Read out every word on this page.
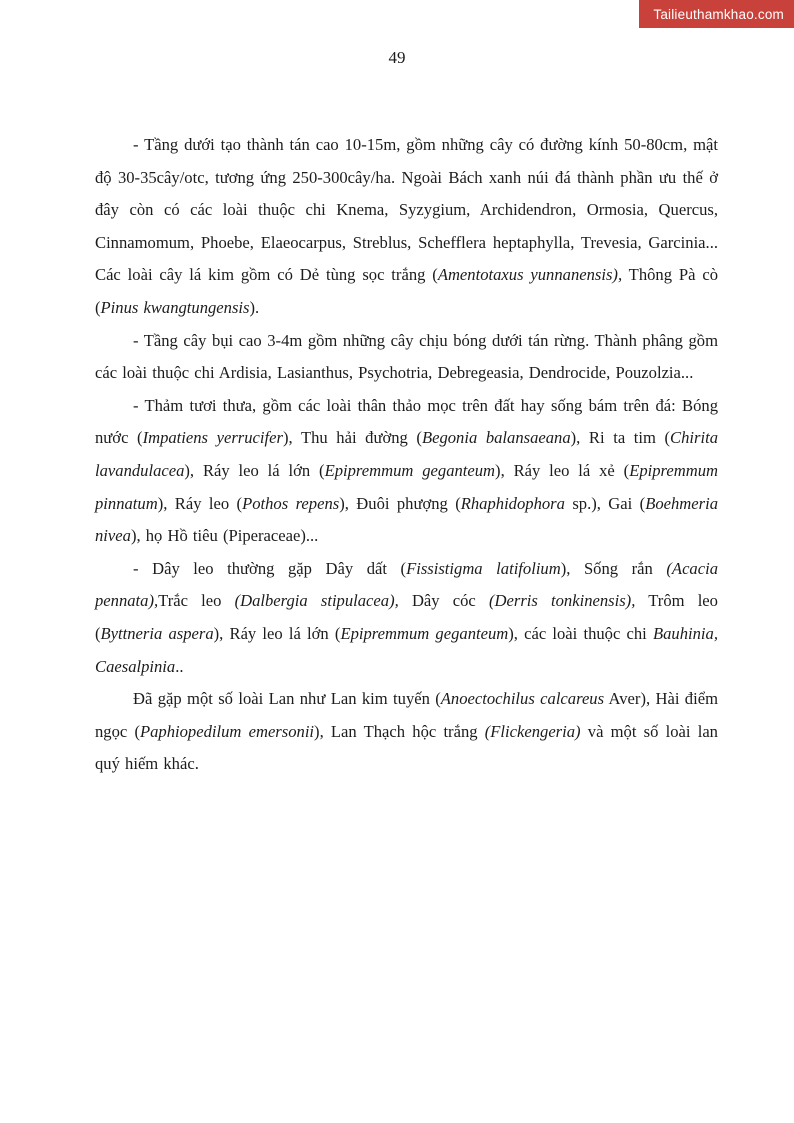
Tailieuthamkhao.com
49

- Tầng dưới tạo thành tán cao 10-15m, gồm những cây có đường kính 50-80cm, mật độ 30-35cây/otc, tương ứng 250-300cây/ha. Ngoài Bách xanh núi đá thành phần ưu thế ở đây còn có các loài thuộc chi Knema, Syzygium, Archidendron, Ormosia, Quercus, Cinnamomum, Phoebe, Elaeocarpus, Streblus, Schefflera heptaphylla, Trevesia, Garcinia... Các loài cây lá kim gồm có Dẻ tùng sọc trắng (Amentotaxus yunnanensis), Thông Pà cò (Pinus kwangtungensis).

- Tầng cây bụi cao 3-4m gồm những cây chịu bóng dưới tán rừng. Thành phâng gồm các loài thuộc chi Ardisia, Lasianthus, Psychotria, Debregeasia, Dendrocide, Pouzolzia...

- Thảm tươi thưa, gồm các loài thân thảo mọc trên đất hay sống bám trên đá: Bóng nước (Impatiens yerrucifer), Thu hải đường (Begonia balansaeana), Ri ta tim (Chirita lavandulacea), Ráy leo lá lớn (Epipremmum geganteum), Ráy leo lá xẻ (Epipremmum pinnatum), Ráy leo (Pothos repens), Đuôi phượng (Rhaphidophora sp.), Gai (Boehmeria nivea), họ Hồ tiêu (Piperaceae)...

- Dây leo thường gặp Dây dất (Fissistigma latifolium), Sống rắn (Acacia pennata),Trắc leo (Dalbergia stipulacea), Dây cóc (Derris tonkinensis), Trôm leo (Byttneria aspera), Ráy leo lá lớn (Epipremmum geganteum), các loài thuộc chi Bauhinia, Caesalpinia..

Đã gặp một số loài Lan như Lan kim tuyến (Anoectochilus calcareus Aver), Hài điểm ngọc (Paphiopedilum emersonii), Lan Thạch hộc trắng (Flickengeria) và một số loài lan quý hiếm khác.
